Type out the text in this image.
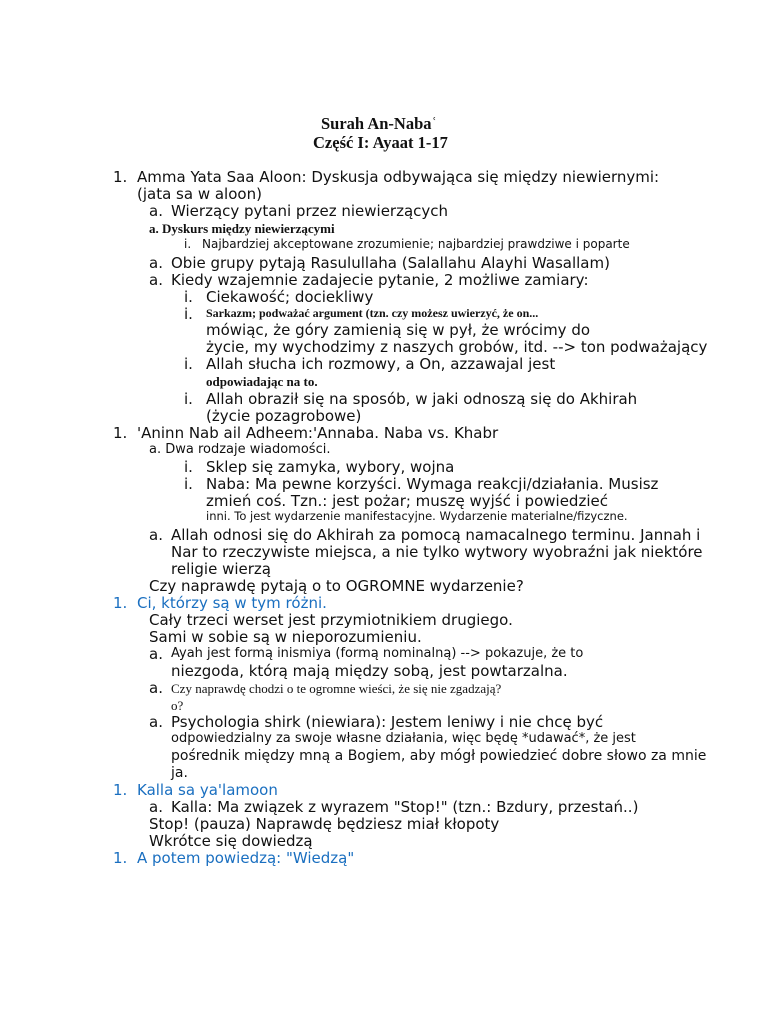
Surah An-Nabaʿ
Część I: Ayaat 1-17
1. Amma Yata Saa Aloon: Dyskusja odbywająca się między niewiernymi:
(jata sa w aloon)
a. Wierzący pytani przez niewierzących
a. Dyskurs między niewierzącymi
i. Najbardziej akceptowane zrozumienie; najbardziej prawdziwe i poparte
a. Obie grupy pytają Rasulullaha (Salallahu Alayhi Wasallam)
a. Kiedy wzajemnie zadajecie pytanie, 2 możliwe zamiary:
i. Ciekawość; dociekliwy
i. Sarkazm; podważać argument (tzn. czy możesz uwierzyć, że on...
mówiąc, że góry zamienią się w pył, że wrócimy do
życie, my wychodzimy z naszych grobów, itd. --> ton podważający
i. Allah słucha ich rozmowy, a On, azzawajal jest
odpowiadając na to.
i. Allah obraził się na sposób, w jaki odnoszą się do Akhirah
(życie pozagrobowe)
1. 'Aninn Nab ail Adheem:'Annaba. Naba vs. Khabr
a. Dwa rodzaje wiadomości.
i. Sklep się zamyka, wybory, wojna
i. Naba: Ma pewne korzyści. Wymaga reakcji/działania. Musisz
zmień coś. Tzn.: jest pożar; muszę wyjść i powiedzieć
inni. To jest wydarzenie manifestacyjne. Wydarzenie materialne/fizyczne.
a. Allah odnosi się do Akhirah za pomocą namacalnego terminu. Jannah i
Nar to rzeczywiste miejsca, a nie tylko wytwory wyobraźni jak niektóre
religie wierzą
Czy naprawdę pytają o to OGROMNE wydarzenie?
1. Ci, którzy są w tym różni.
Cały trzeci werset jest przymiotnikiem drugiego.
Sami w sobie są w nieporozumieniu.
a. Ayah jest formą inismiya (formą nominalną) --> pokazuje, że to
niezgoda, którą mają między sobą, jest powtarzalna.
a. Czy naprawdę chodzi o te ogromne wieści, że się nie zgadzają?
o?
a. Psychologia shirk (niewiara): Jestem leniwy i nie chcę być
odpowiedzialny za swoje własne działania, więc będę *udawać*, że jest
pośrednik między mną a Bogiem, aby mógł powiedzieć dobre słowo za mnie
ja.
1. Kalla sa ya'lamoon
a. Kalla: Ma związek z wyrazem "Stop!" (tzn.: Bzdury, przestań..)
Stop! (pauza) Naprawdę będziesz miał kłopoty
Wkrótce się dowiedzą
1. A potem powiedzą: "Wiedzą"
